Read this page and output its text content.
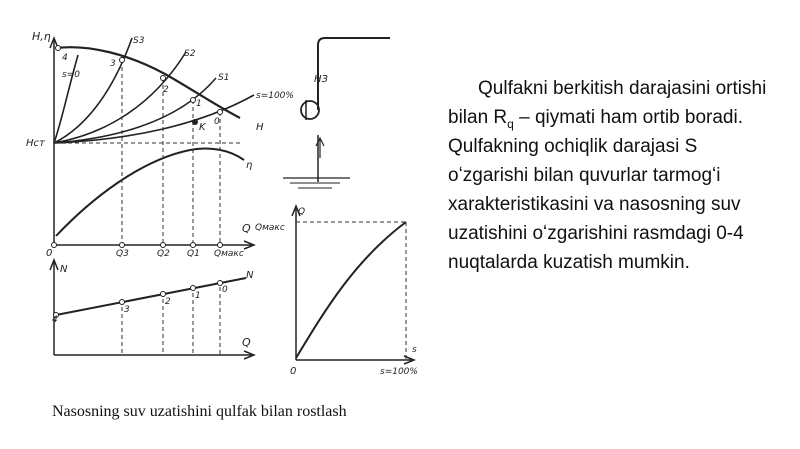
H,η
Q
0
Hст
Q3	Q2 Q1 Qмакс
s=0
S3
S2
S1
s=100%
H
η
4
3
2
1
0
K
N
Q
N
4
3
2
1
0
НЗ
Q
Qмакс
s
0	s=100%

Qulfakni berkitish darajasini ortishi bilan $R_q$ – qiymati ham ortib boradi. Qulfakning ochiqlik darajasi S oʻzgarishi bilan quvurlar tarmogʻi xarakteristikasini va nasosning suv uzatishini oʻzgarishini rasmdagi 0-4 nuqtalarda kuzatish mumkin.

Nasosning suv uzatishini qulfak bilan rostlash
